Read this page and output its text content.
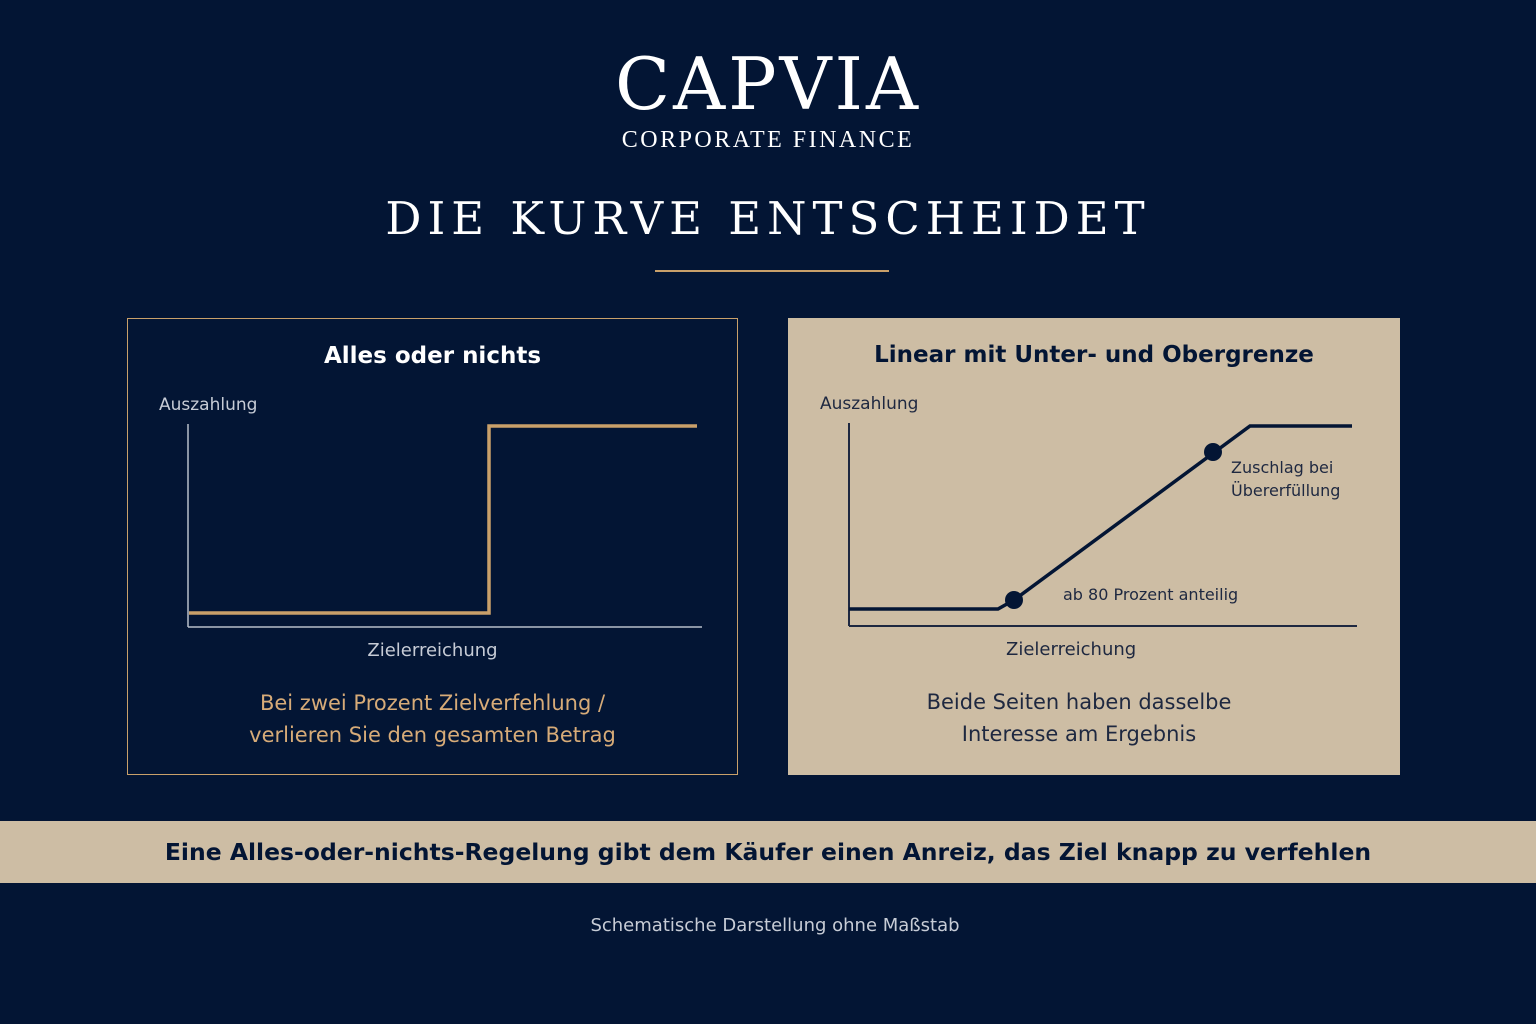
CAPVIA
CORPORATE FINANCE
DIE KURVE ENTSCHEIDET
Alles oder nichts
Auszahlung
Zielerreichung
Bei zwei Prozent Zielverfehlung /
verlieren Sie den gesamten Betrag
Linear mit Unter- und Obergrenze
Auszahlung
ab 80 Prozent anteilig
Zuschlag bei
Übererfüllung
Zielerreichung
Beide Seiten haben dasselbe
Interesse am Ergebnis
Eine Alles-oder-nichts-Regelung gibt dem Käufer einen Anreiz, das Ziel knapp zu verfehlen
Schematische Darstellung ohne Maßstab
